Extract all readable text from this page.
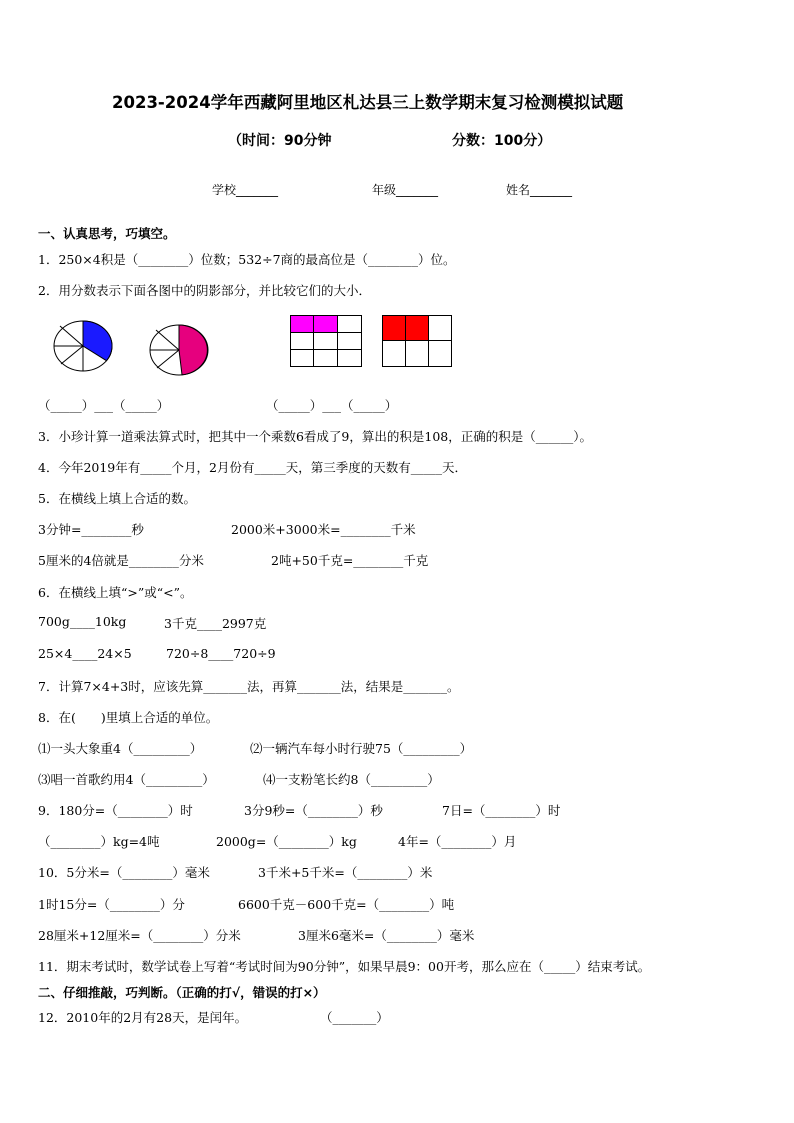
2023-2024学年西藏阿里地区札达县三上数学期末复习检测模拟试题
（时间：90分钟	分数：100分）
学校_______	年级_______	姓名_______
一、认真思考，巧填空。
1．250×4积是（________）位数；532÷7商的最高位是（________）位。
2．用分数表示下面各图中的阴影部分，并比较它们的大小．
（_____）___（_____）	（_____）___（_____）
3．小珍计算一道乘法算式时，把其中一个乘数6看成了9，算出的积是108，正确的积是（______）。
4．今年2019年有_____个月，2月份有_____天，第三季度的天数有_____天．
5．在横线上填上合适的数。
3分钟=________秒	2000米+3000米=________千米
5厘米的4倍就是________分米	2吨+50千克=________千克
6．在横线上填“>”或“<”。
700g____10kg	3千克____2997克
25×4____24×5	720÷8____720÷9
7．计算7×4+3时，应该先算_______法，再算_______法，结果是_______。
8．在(　　)里填上合适的单位。
⑴一头大象重4（_________）	⑵一辆汽车每小时行驶75（_________）
⑶唱一首歌约用4（_________）	⑷一支粉笔长约8（_________）
9．180分=（________）时	3分9秒=（________）秒	7日=（________）时
（________）kg=4吨	2000g=（________）kg	4年=（________）月
10．5分米=（________）毫米	3千米+5千米=（________）米
1时15分=（________）分	6600千克－600千克=（________）吨
28厘米+12厘米=（________）分米	3厘米6毫米=（________）毫米
11．期末考试时，数学试卷上写着“考试时间为90分钟”，如果早晨9：00开考，那么应在（_____）结束考试。
二、仔细推敲，巧判断。（正确的打√，错误的打×）
12．2010年的2月有28天，是闰年。	（_______）
